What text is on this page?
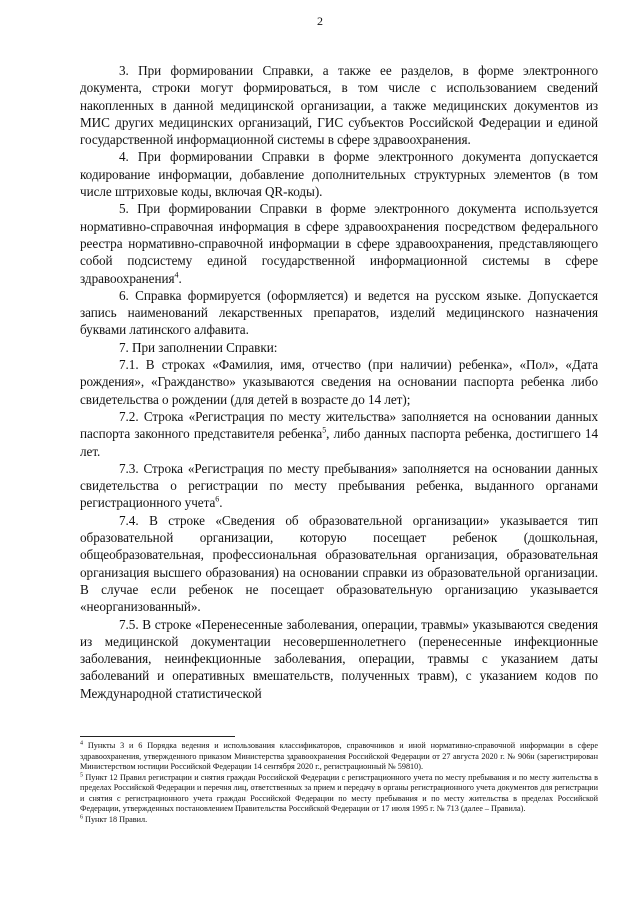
2

3. При формировании Справки, а также ее разделов, в форме электронного документа, строки могут формироваться, в том числе с использованием сведений накопленных в данной медицинской организации, а также медицинских документов из МИС других медицинских организаций, ГИС субъектов Российской Федерации и единой государственной информационной системы в сфере здравоохранения.

4. При формировании Справки в форме электронного документа допускается кодирование информации, добавление дополнительных структурных элементов (в том числе штриховые коды, включая QR-коды).

5. При формировании Справки в форме электронного документа используется нормативно-справочная информация в сфере здравоохранения посредством федерального реестра нормативно-справочной информации в сфере здравоохранения, представляющего собой подсистему единой государственной информационной системы в сфере здравоохранения$^4$.

6. Справка формируется (оформляется) и ведется на русском языке. Допускается запись наименований лекарственных препаратов, изделий медицинского назначения буквами латинского алфавита.

7. При заполнении Справки:

7.1. В строках «Фамилия, имя, отчество (при наличии) ребенка», «Пол», «Дата рождения», «Гражданство» указываются сведения на основании паспорта ребенка либо свидетельства о рождении (для детей в возрасте до 14 лет);

7.2. Строка «Регистрация по месту жительства» заполняется на основании данных паспорта законного представителя ребенка$^5$, либо данных паспорта ребенка, достигшего 14 лет.

7.3. Строка «Регистрация по месту пребывания» заполняется на основании данных свидетельства о регистрации по месту пребывания ребенка, выданного органами регистрационного учета$^6$.

7.4. В строке «Сведения об образовательной организации» указывается тип образовательной организации, которую посещает ребенок (дошкольная, общеобразовательная, профессиональная образовательная организация, образовательная организация высшего образования) на основании справки из образовательной организации. В случае если ребенок не посещает образовательную организацию указывается «неорганизованный».

7.5. В строке «Перенесенные заболевания, операции, травмы» указываются сведения из медицинской документации несовершеннолетнего (перенесенные инфекционные заболевания, неинфекционные заболевания, операции, травмы с указанием даты заболеваний и оперативных вмешательств, полученных травм), с указанием кодов по Международной статистической

$^4$ Пункты 3 и 6 Порядка ведения и использования классификаторов, справочников и иной нормативно-справочной информации в сфере здравоохранения, утвержденного приказом Министерства здравоохранения Российской Федерации от 27 августа 2020 г. № 906н (зарегистрирован Министерством юстиции Российской Федерации 14 сентября 2020 г., регистрационный № 59810).

$^5$ Пункт 12 Правил регистрации и снятия граждан Российской Федерации с регистрационного учета по месту пребывания и по месту жительства в пределах Российской Федерации и перечня лиц, ответственных за прием и передачу в органы регистрационного учета документов для регистрации и снятия с регистрационного учета граждан Российской Федерации по месту пребывания и по месту жительства в пределах Российской Федерации, утвержденных постановлением Правительства Российской Федерации от 17 июля 1995 г. № 713 (далее – Правила).

$^6$ Пункт 18 Правил.
